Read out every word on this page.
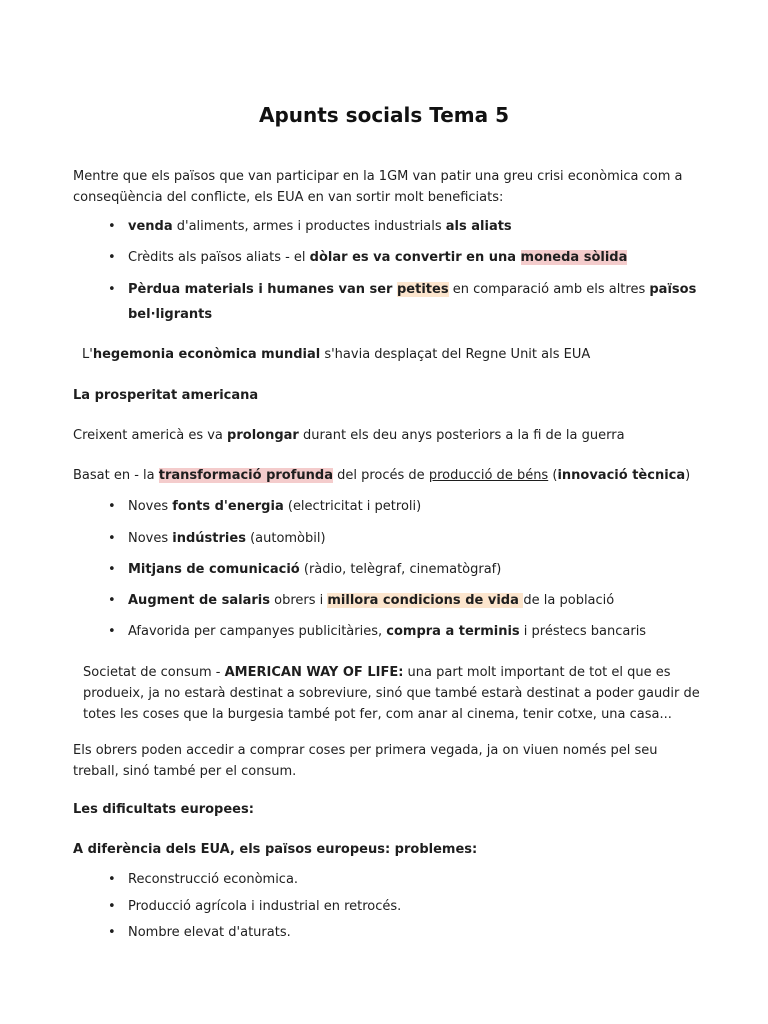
Apunts socials Tema 5
Mentre que els països que van participar en la 1GM van patir una greu crisi econòmica com a
conseqüència del conflicte, els EUA en van sortir molt beneficiats:
• venda d'aliments, armes i productes industrials als aliats
• Crèdits als països aliats - el dòlar es va convertir en una moneda sòlida
• Pèrdua materials i humanes van ser petites en comparació amb els altres països
bel·ligrants
L'hegemonia econòmica mundial s'havia desplaçat del Regne Unit als EUA
La prosperitat americana
Creixent americà es va prolongar durant els deu anys posteriors a la fi de la guerra
Basat en - la transformació profunda del procés de producció de béns (innovació tècnica)
• Noves fonts d'energia (electricitat i petroli)
• Noves indústries (automòbil)
• Mitjans de comunicació (ràdio, telègraf, cinematògraf)
• Augment de salaris obrers i millora condicions de vida de la població
• Afavorida per campanyes publicitàries, compra a terminis i préstecs bancaris
Societat de consum - AMERICAN WAY OF LIFE: una part molt important de tot el que es
produeix, ja no estarà destinat a sobreviure, sinó que també estarà destinat a poder gaudir de
totes les coses que la burgesia també pot fer, com anar al cinema, tenir cotxe, una casa...
Els obrers poden accedir a comprar coses per primera vegada, ja on viuen només pel seu
treball, sinó també per el consum.
Les dificultats europees:
A diferència dels EUA, els països europeus: problemes:
• Reconstrucció econòmica.
• Producció agrícola i industrial en retrocés.
• Nombre elevat d'aturats.
